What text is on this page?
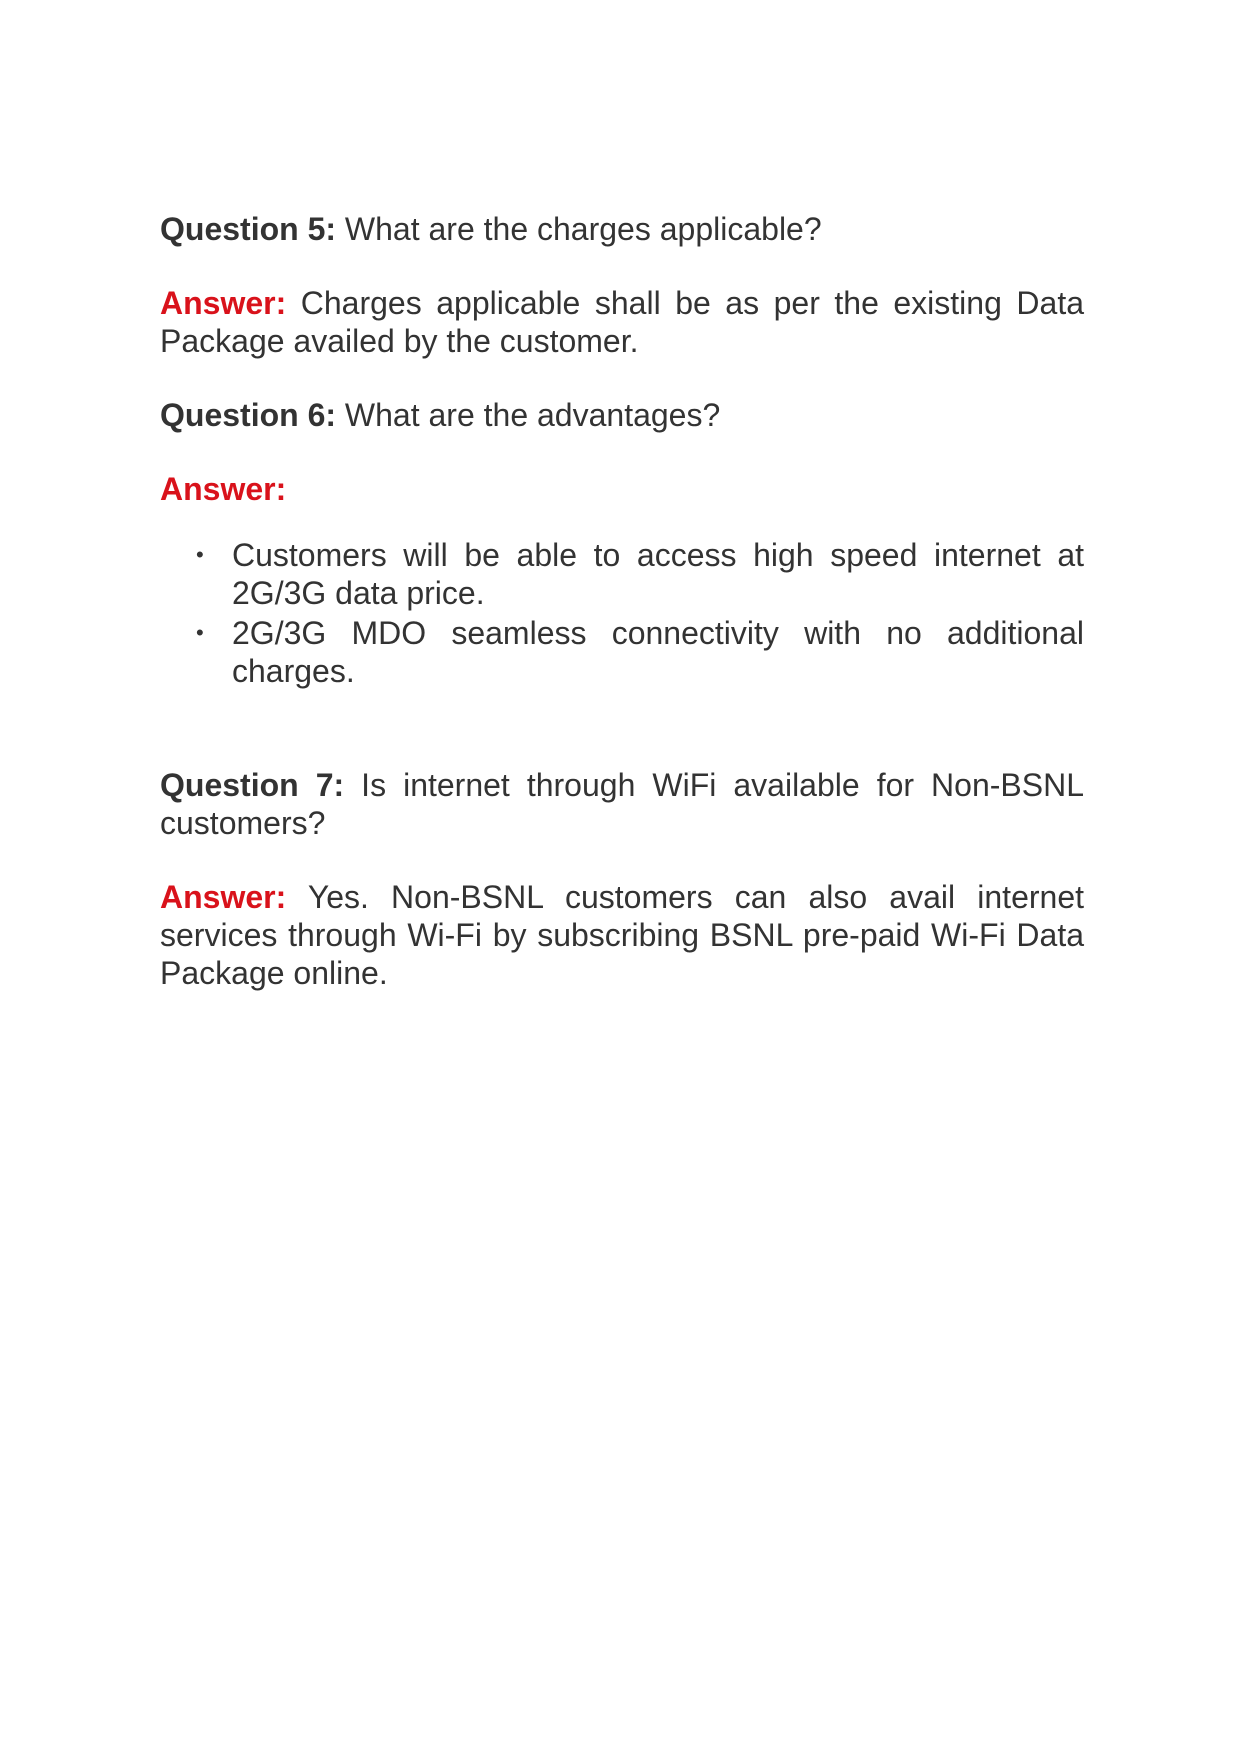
Question 5: What are the charges applicable?

Answer: Charges applicable shall be as per the existing Data Package availed by the customer.

Question 6: What are the advantages?

Answer:

• Customers will be able to access high speed internet at 2G/3G data price.
• 2G/3G MDO seamless connectivity with no additional charges.

Question 7: Is internet through WiFi available for Non-BSNL customers?

Answer: Yes. Non-BSNL customers can also avail internet services through Wi-Fi by subscribing BSNL pre-paid Wi-Fi Data Package online.
